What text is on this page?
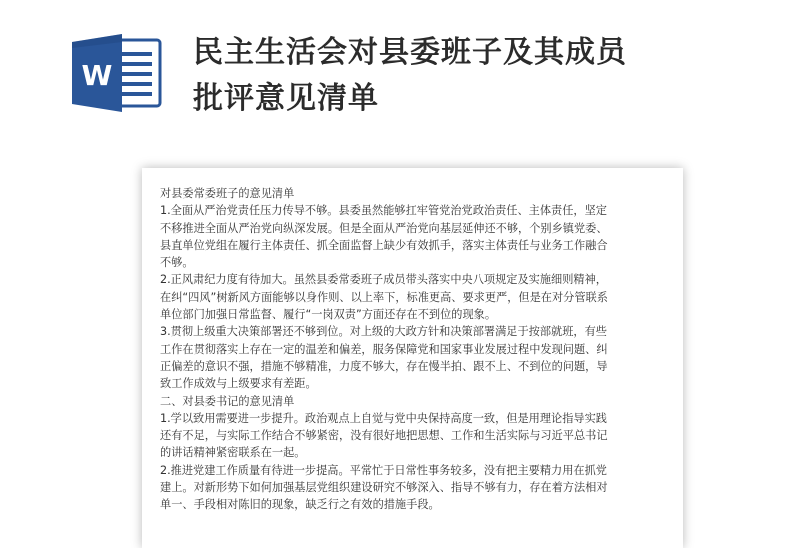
W
民主生活会对县委班子及其成员
批评意见清单
对县委常委班子的意见清单
1.全面从严治党责任压力传导不够。县委虽然能够扛牢管党治党政治责任、主体责任，坚定
不移推进全面从严治党向纵深发展。但是全面从严治党向基层延伸还不够，个别乡镇党委、
县直单位党组在履行主体责任、抓全面监督上缺少有效抓手，落实主体责任与业务工作融合
不够。
2.正风肃纪力度有待加大。虽然县委常委班子成员带头落实中央八项规定及实施细则精神，
在纠“四风”树新风方面能够以身作则、以上率下，标准更高、要求更严，但是在对分管联系
单位部门加强日常监督、履行“一岗双责”方面还存在不到位的现象。
3.贯彻上级重大决策部署还不够到位。对上级的大政方针和决策部署满足于按部就班，有些
工作在贯彻落实上存在一定的温差和偏差，服务保障党和国家事业发展过程中发现问题、纠
正偏差的意识不强，措施不够精准，力度不够大，存在慢半拍、跟不上、不到位的问题，导
致工作成效与上级要求有差距。
二、对县委书记的意见清单
1.学以致用需要进一步提升。政治观点上自觉与党中央保持高度一致，但是用理论指导实践
还有不足，与实际工作结合不够紧密，没有很好地把思想、工作和生活实际与习近平总书记
的讲话精神紧密联系在一起。
2.推进党建工作质量有待进一步提高。平常忙于日常性事务较多，没有把主要精力用在抓党
建上。对新形势下如何加强基层党组织建设研究不够深入、指导不够有力，存在着方法相对
单一、手段相对陈旧的现象，缺乏行之有效的措施手段。
